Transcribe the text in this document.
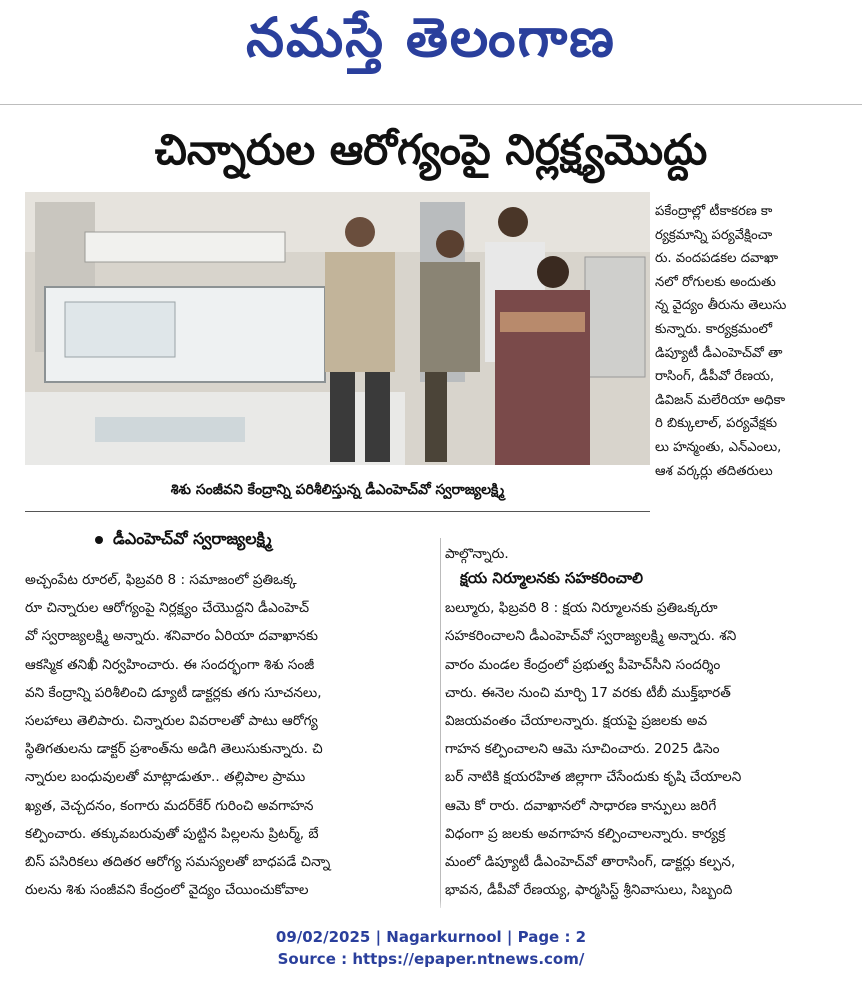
నమస్తే తెలంగాణ
చిన్నారుల ఆరోగ్యంపై నిర్లక్ష్యమొద్దు
శిశు సంజీవని కేంద్రాన్ని పరిశీలిస్తున్న డీఎంహెచ్‌వో స్వరాజ్యలక్ష్మి
పకేంద్రాల్లో టీకాకరణ కా
ర్యక్రమాన్ని పర్యవేక్షించా
రు. వందపడకల దవాఖా
నలో రోగులకు అందుతు
న్న వైద్యం తీరును తెలుసు
కున్నారు. కార్యక్రమంలో
డిప్యూటీ డీఎంహెచ్‌వో తా
రాసింగ్, డీపీవో రేణయ,
డివిజన్ మలేరియా అధికా
రి బిక్కులాల్, పర్యవేక్షకు
లు హన్మంతు, ఎన్ఎంలు,
ఆశ వర్కర్లు తదితరులు
డీఎంహెచ్‌వో స్వరాజ్యలక్ష్మి
అచ్చంపేట రూరల్, ఫిబ్రవరి 8 : సమాజంలో ప్రతిఒక్క
రూ చిన్నారుల ఆరోగ్యంపై నిర్లక్ష్యం చేయొద్దని డీఎంహెచ్
వో స్వరాజ్యలక్ష్మి అన్నారు. శనివారం ఏరియా దవాఖానకు
ఆకస్మిక తనిఖీ నిర్వహించారు. ఈ సందర్భంగా శిశు సంజీ
వని కేంద్రాన్ని పరిశీలించి డ్యూటీ డాక్టర్లకు తగు సూచనలు,
సలహాలు తెలిపారు. చిన్నారుల వివరాలతో పాటు ఆరోగ్య
స్థితిగతులను డాక్టర్ ప్రశాంత్‌ను అడిగి తెలుసుకున్నారు. చి
న్నారుల బంధువులతో మాట్లాడుతూ.. తల్లిపాల ప్రాము
ఖ్యత, వెచ్చదనం, కంగారు మదర్‌కేర్ గురించి అవగాహన
కల్పించారు. తక్కువబరువుతో పుట్టిన పిల్లలను ప్రిటర్మ్, బే
బిస్ పసిరికలు తదితర ఆరోగ్య సమస్యలతో బాధపడే చిన్నా
రులను శిశు సంజీవని కేంద్రంలో వైద్యం చేయించుకోవాల
పాల్గొన్నారు.
బల్మూరు, ఫిబ్రవరి 8 : క్షయ నిర్మూలనకు ప్రతిఒక్కరూ
సహకరించాలని డీఎంహెచ్‌వో స్వరాజ్యలక్ష్మి అన్నారు. శని
వారం మండల కేంద్రంలో ప్రభుత్వ పీహెచ్‌సీని సందర్శిం
చారు. ఈనెల నుంచి మార్చి 17 వరకు టీబీ ముక్త్‌భారత్
విజయవంతం చేయాలన్నారు. క్షయపై ప్రజలకు అవ
గాహన కల్పించాలని ఆమె సూచించారు. 2025 డిసెం
బర్ నాటికి క్షయరహిత జిల్లాగా చేసేందుకు కృషి చేయాలని
ఆమె కో రారు. దవాఖానలో సాధారణ కాన్పులు జరిగే
విధంగా ప్ర జలకు అవగాహన కల్పించాలన్నారు. కార్యక్ర
మంలో డిప్యూటీ డీఎంహెచ్‌వో తారాసింగ్, డాక్టర్లు కల్పన,
భావన, డీపీవో రేణయ్య, ఫార్మసిస్ట్ శ్రీనివాసులు, సిబ్బంది
క్షయ నిర్మూలనకు సహకరించాలి
09/02/2025 | Nagarkurnool | Page : 2
Source : https://epaper.ntnews.com/
